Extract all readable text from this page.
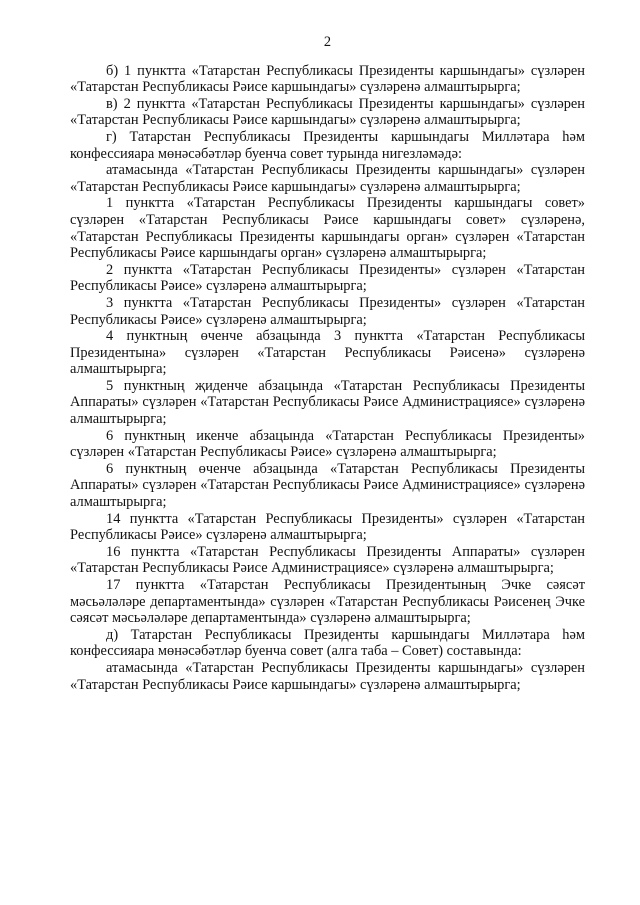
2

б) 1 пунктта «Татарстан Республикасы Президенты каршындагы» сүзләрен «Татарстан Республикасы Рәисе каршындагы» сүзләренә алмаштырырга;

в) 2 пунктта «Татарстан Республикасы Президенты каршындагы» сүзләрен «Татарстан Республикасы Рәисе каршындагы» сүзләренә алмаштырырга;

г) Татарстан Республикасы Президенты каршындагы Милләтара һәм конфессияара мөнәсәбәтләр буенча совет турында нигезләмәдә:

атамасында «Татарстан Республикасы Президенты каршындагы» сүзләрен «Татарстан Республикасы Рәисе каршындагы» сүзләренә алмаштырырга;

1 пунктта «Татарстан Республикасы Президенты каршындагы совет» сүзләрен «Татарстан Республикасы Рәисе каршындагы совет» сүзләренә, «Татарстан Республикасы Президенты каршындагы орган» сүзләрен «Татарстан Республикасы Рәисе каршындагы орган» сүзләренә алмаштырырга;

2 пунктта «Татарстан Республикасы Президенты» сүзләрен «Татарстан Республикасы Рәисе» сүзләренә алмаштырырга;

3 пунктта «Татарстан Республикасы Президенты» сүзләрен «Татарстан Республикасы Рәисе» сүзләренә алмаштырырга;

4 пунктның өченче абзацында 3 пунктта «Татарстан Республикасы Президентына» сүзләрен «Татарстан Республикасы Рәисенә» сүзләренә алмаштырырга;

5 пунктның җиденче абзацында «Татарстан Республикасы Президенты Аппараты» сүзләрен «Татарстан Республикасы Рәисе Администрациясе» сүзләренә алмаштырырга;

6 пунктның икенче абзацында «Татарстан Республикасы Президенты» сүзләрен «Татарстан Республикасы Рәисе» сүзләренә алмаштырырга;

6 пунктның өченче абзацында «Татарстан Республикасы Президенты Аппараты» сүзләрен «Татарстан Республикасы Рәисе Администрациясе» сүзләренә алмаштырырга;

14 пунктта «Татарстан Республикасы Президенты» сүзләрен «Татарстан Республикасы Рәисе» сүзләренә алмаштырырга;

16 пунктта «Татарстан Республикасы Президенты Аппараты» сүзләрен «Татарстан Республикасы Рәисе Администрациясе» сүзләренә алмаштырырга;

17 пунктта «Татарстан Республикасы Президентының Эчке сәясәт мәсьәләләре департаментында» сүзләрен «Татарстан Республикасы Рәисенең Эчке сәясәт мәсьәләләре департаментында» сүзләренә алмаштырырга;

д) Татарстан Республикасы Президенты каршындагы Милләтара һәм конфессияара мөнәсәбәтләр буенча совет (алга таба – Совет) составында:

атамасында «Татарстан Республикасы Президенты каршындагы» сүзләрен «Татарстан Республикасы Рәисе каршындагы» сүзләренә алмаштырырга;
